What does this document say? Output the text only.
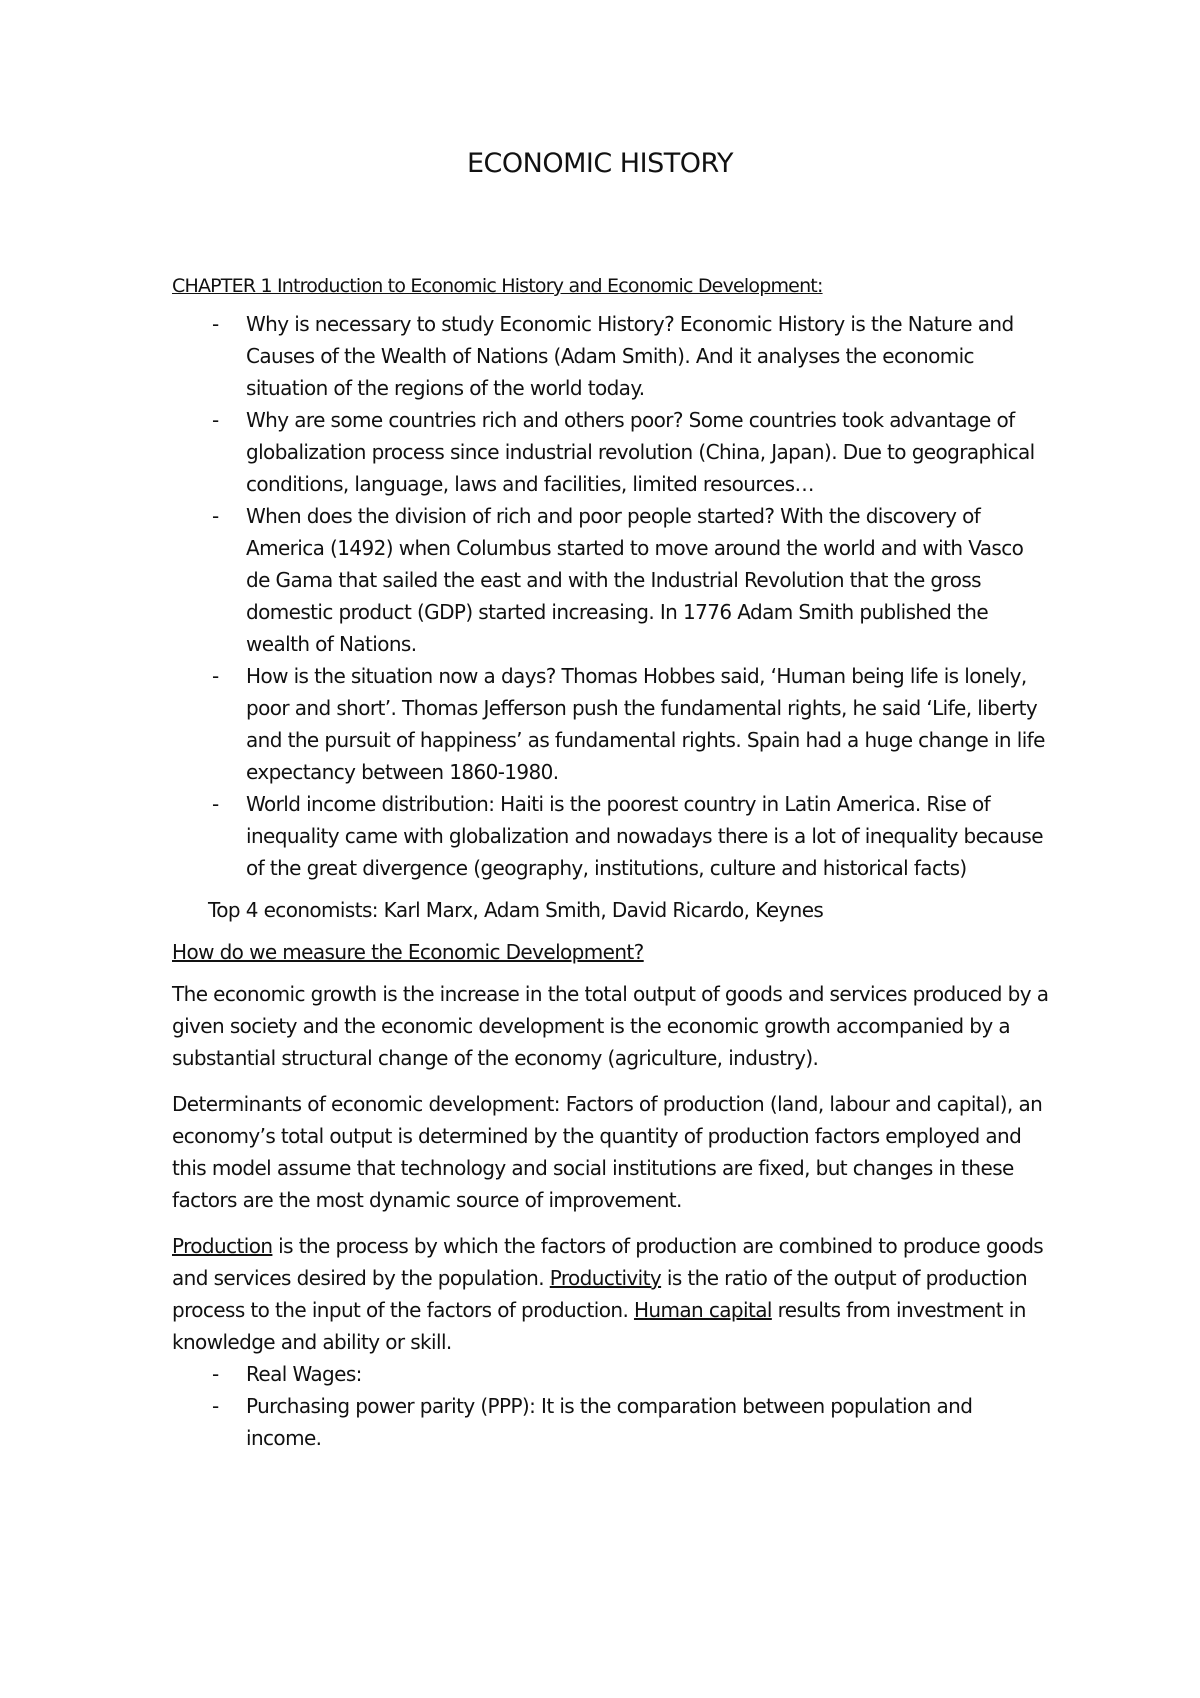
ECONOMIC HISTORY

CHAPTER 1 Introduction to Economic History and Economic Development:

- Why is necessary to study Economic History? Economic History is the Nature and Causes of the Wealth of Nations (Adam Smith). And it analyses the economic situation of the regions of the world today.
- Why are some countries rich and others poor? Some countries took advantage of globalization process since industrial revolution (China, Japan). Due to geographical conditions, language, laws and facilities, limited resources…
- When does the division of rich and poor people started? With the discovery of America (1492) when Columbus started to move around the world and with Vasco de Gama that sailed the east and with the Industrial Revolution that the gross domestic product (GDP) started increasing. In 1776 Adam Smith published the wealth of Nations.
- How is the situation now a days? Thomas Hobbes said, ‘Human being life is lonely, poor and short’. Thomas Jefferson push the fundamental rights, he said ‘Life, liberty and the pursuit of happiness’ as fundamental rights. Spain had a huge change in life expectancy between 1860-1980.
- World income distribution: Haiti is the poorest country in Latin America. Rise of inequality came with globalization and nowadays there is a lot of inequality because of the great divergence (geography, institutions, culture and historical facts)

Top 4 economists: Karl Marx, Adam Smith, David Ricardo, Keynes

How do we measure the Economic Development?

The economic growth is the increase in the total output of goods and services produced by a given society and the economic development is the economic growth accompanied by a substantial structural change of the economy (agriculture, industry).

Determinants of economic development: Factors of production (land, labour and capital), an economy’s total output is determined by the quantity of production factors employed and this model assume that technology and social institutions are fixed, but changes in these factors are the most dynamic source of improvement.

Production is the process by which the factors of production are combined to produce goods and services desired by the population. Productivity is the ratio of the output of production process to the input of the factors of production. Human capital results from investment in knowledge and ability or skill.

- Real Wages:
- Purchasing power parity (PPP): It is the comparation between population and income.
